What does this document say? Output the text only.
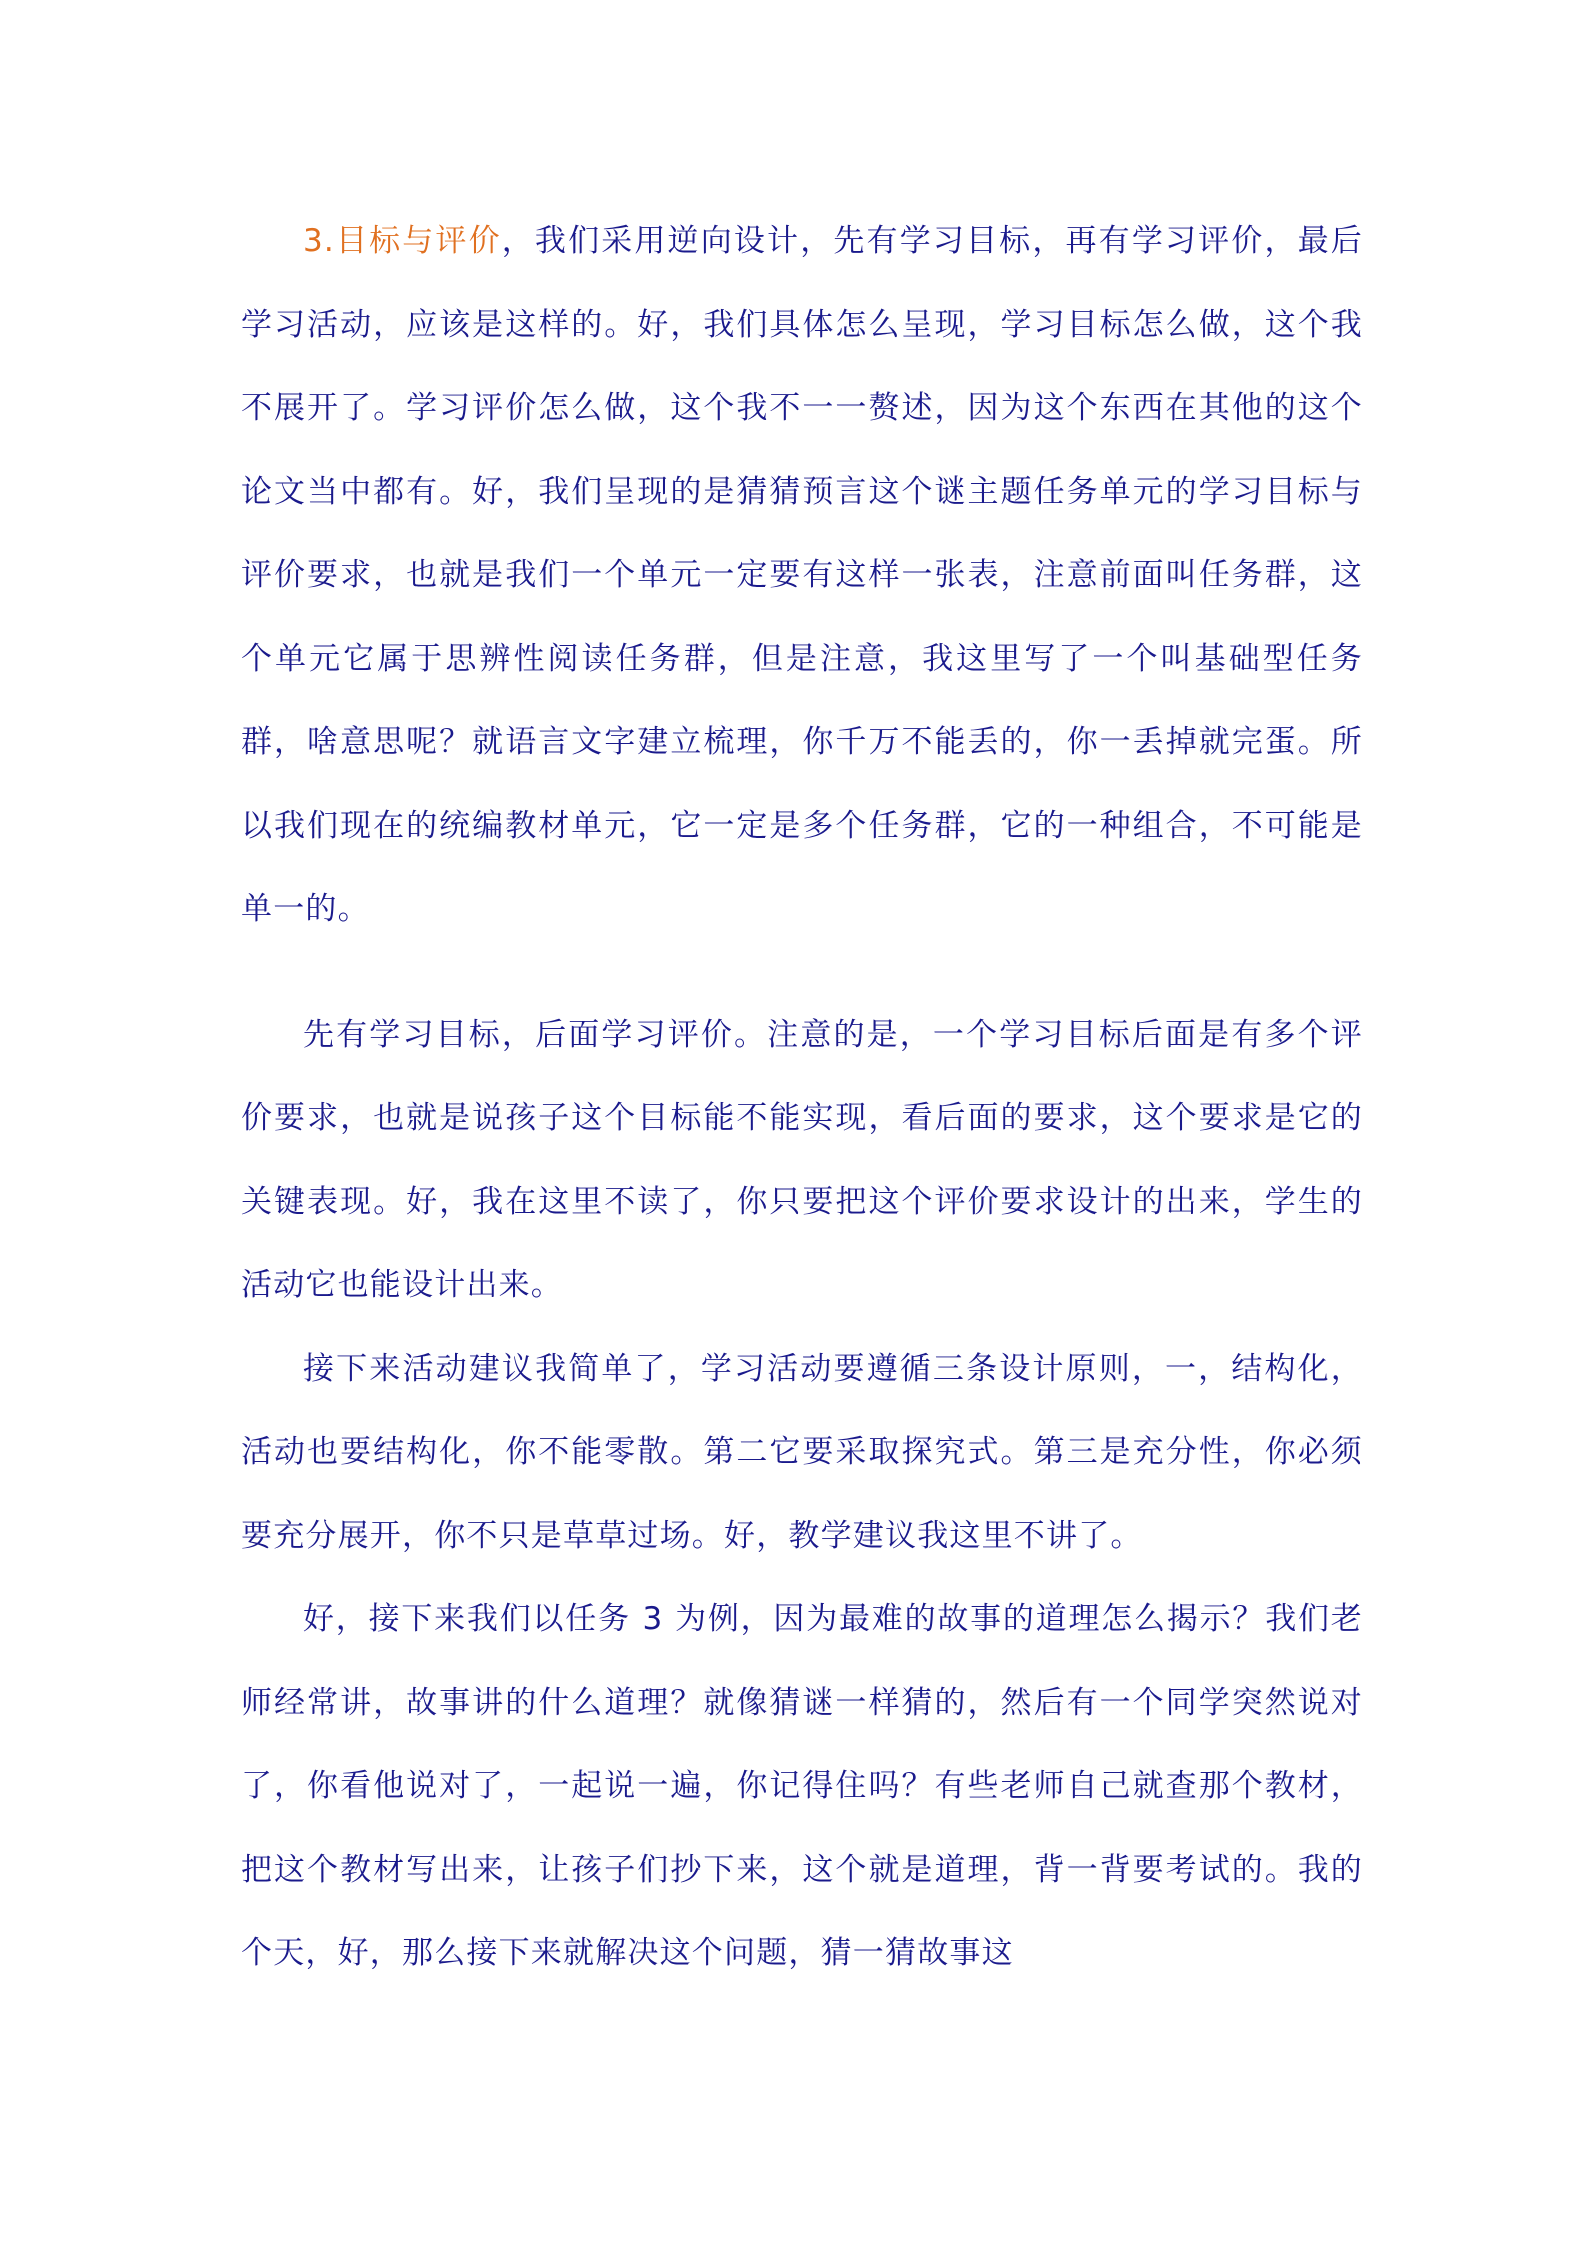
3.目标与评价，我们采用逆向设计，先有学习目标，再有学习评价，最后学习活动，应该是这样的。好，我们具体怎么呈现，学习目标怎么做，这个我不展开了。学习评价怎么做，这个我不一一赘述，因为这个东西在其他的这个论文当中都有。好，我们呈现的是猜猜预言这个谜主题任务单元的学习目标与评价要求，也就是我们一个单元一定要有这样一张表，注意前面叫任务群，这个单元它属于思辨性阅读任务群，但是注意，我这里写了一个叫基础型任务群，啥意思呢？就语言文字建立梳理，你千万不能丢的，你一丢掉就完蛋。所以我们现在的统编教材单元，它一定是多个任务群，它的一种组合，不可能是单一的。

先有学习目标，后面学习评价。注意的是，一个学习目标后面是有多个评价要求，也就是说孩子这个目标能不能实现，看后面的要求，这个要求是它的关键表现。好，我在这里不读了，你只要把这个评价要求设计的出来，学生的活动它也能设计出来。

接下来活动建议我简单了，学习活动要遵循三条设计原则，一，结构化，活动也要结构化，你不能零散。第二它要采取探究式。第三是充分性，你必须要充分展开，你不只是草草过场。好，教学建议我这里不讲了。

好，接下来我们以任务 3 为例，因为最难的故事的道理怎么揭示？我们老师经常讲，故事讲的什么道理？就像猜谜一样猜的，然后有一个同学突然说对了，你看他说对了，一起说一遍，你记得住吗？有些老师自己就查那个教材，把这个教材写出来，让孩子们抄下来，这个就是道理，背一背要考试的。我的个天，好，那么接下来就解决这个问题，猜一猜故事这
